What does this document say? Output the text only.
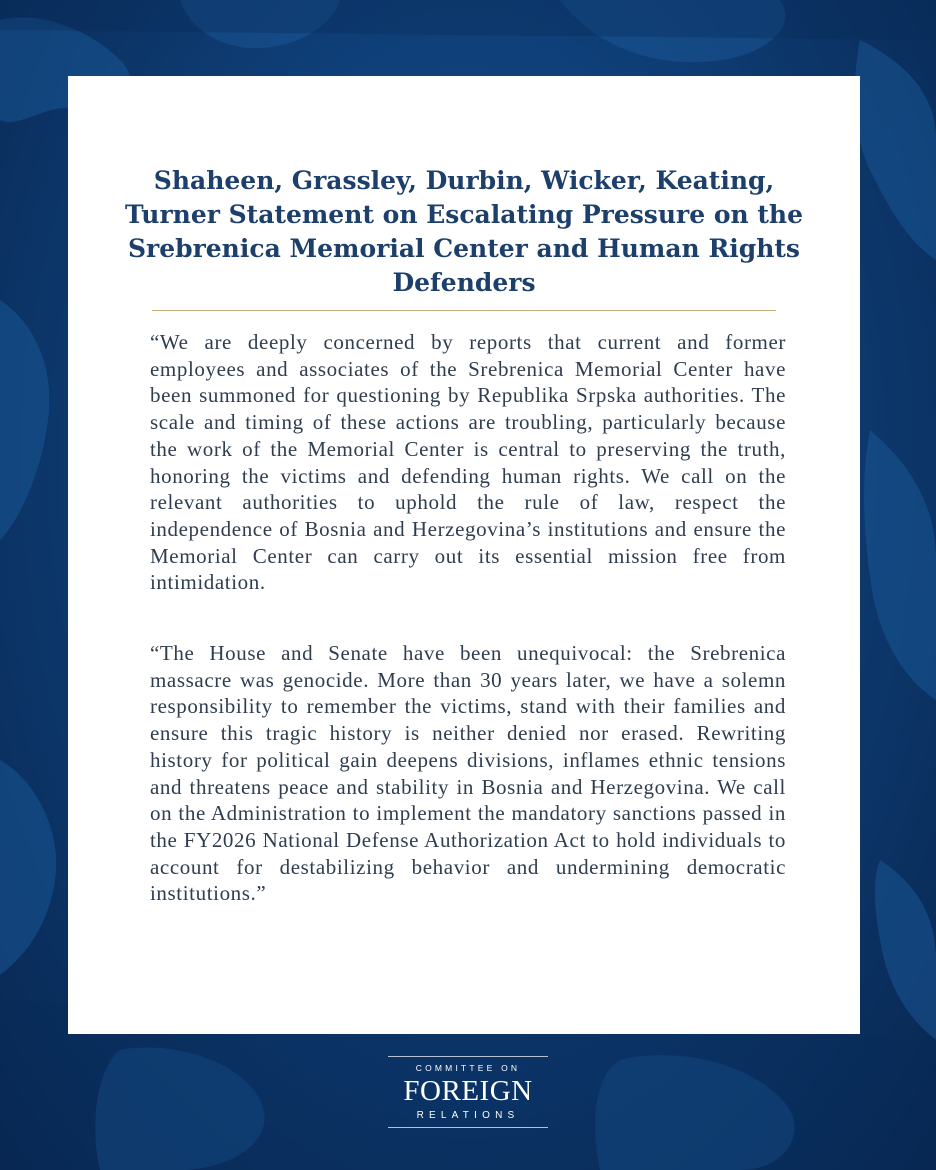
Shaheen, Grassley, Durbin, Wicker, Keating, Turner Statement on Escalating Pressure on the Srebrenica Memorial Center and Human Rights Defenders

“We are deeply concerned by reports that current and former employees and associates of the Srebrenica Memorial Center have been summoned for questioning by Republika Srpska authorities. The scale and timing of these actions are troubling, particularly because the work of the Memorial Center is central to preserving the truth, honoring the victims and defending human rights. We call on the relevant authorities to uphold the rule of law, respect the independence of Bosnia and Herzegovina’s institutions and ensure the Memorial Center can carry out its essential mission free from intimidation.

“The House and Senate have been unequivocal: the Srebrenica massacre was genocide. More than 30 years later, we have a solemn responsibility to remember the victims, stand with their families and ensure this tragic history is neither denied nor erased. Rewriting history for political gain deepens divisions, inflames ethnic tensions and threatens peace and stability in Bosnia and Herzegovina. We call on the Administration to implement the mandatory sanctions passed in the FY2026 National Defense Authorization Act to hold individuals to account for destabilizing behavior and undermining democratic institutions.”

COMMITTEE ON
FOREIGN
RELATIONS
